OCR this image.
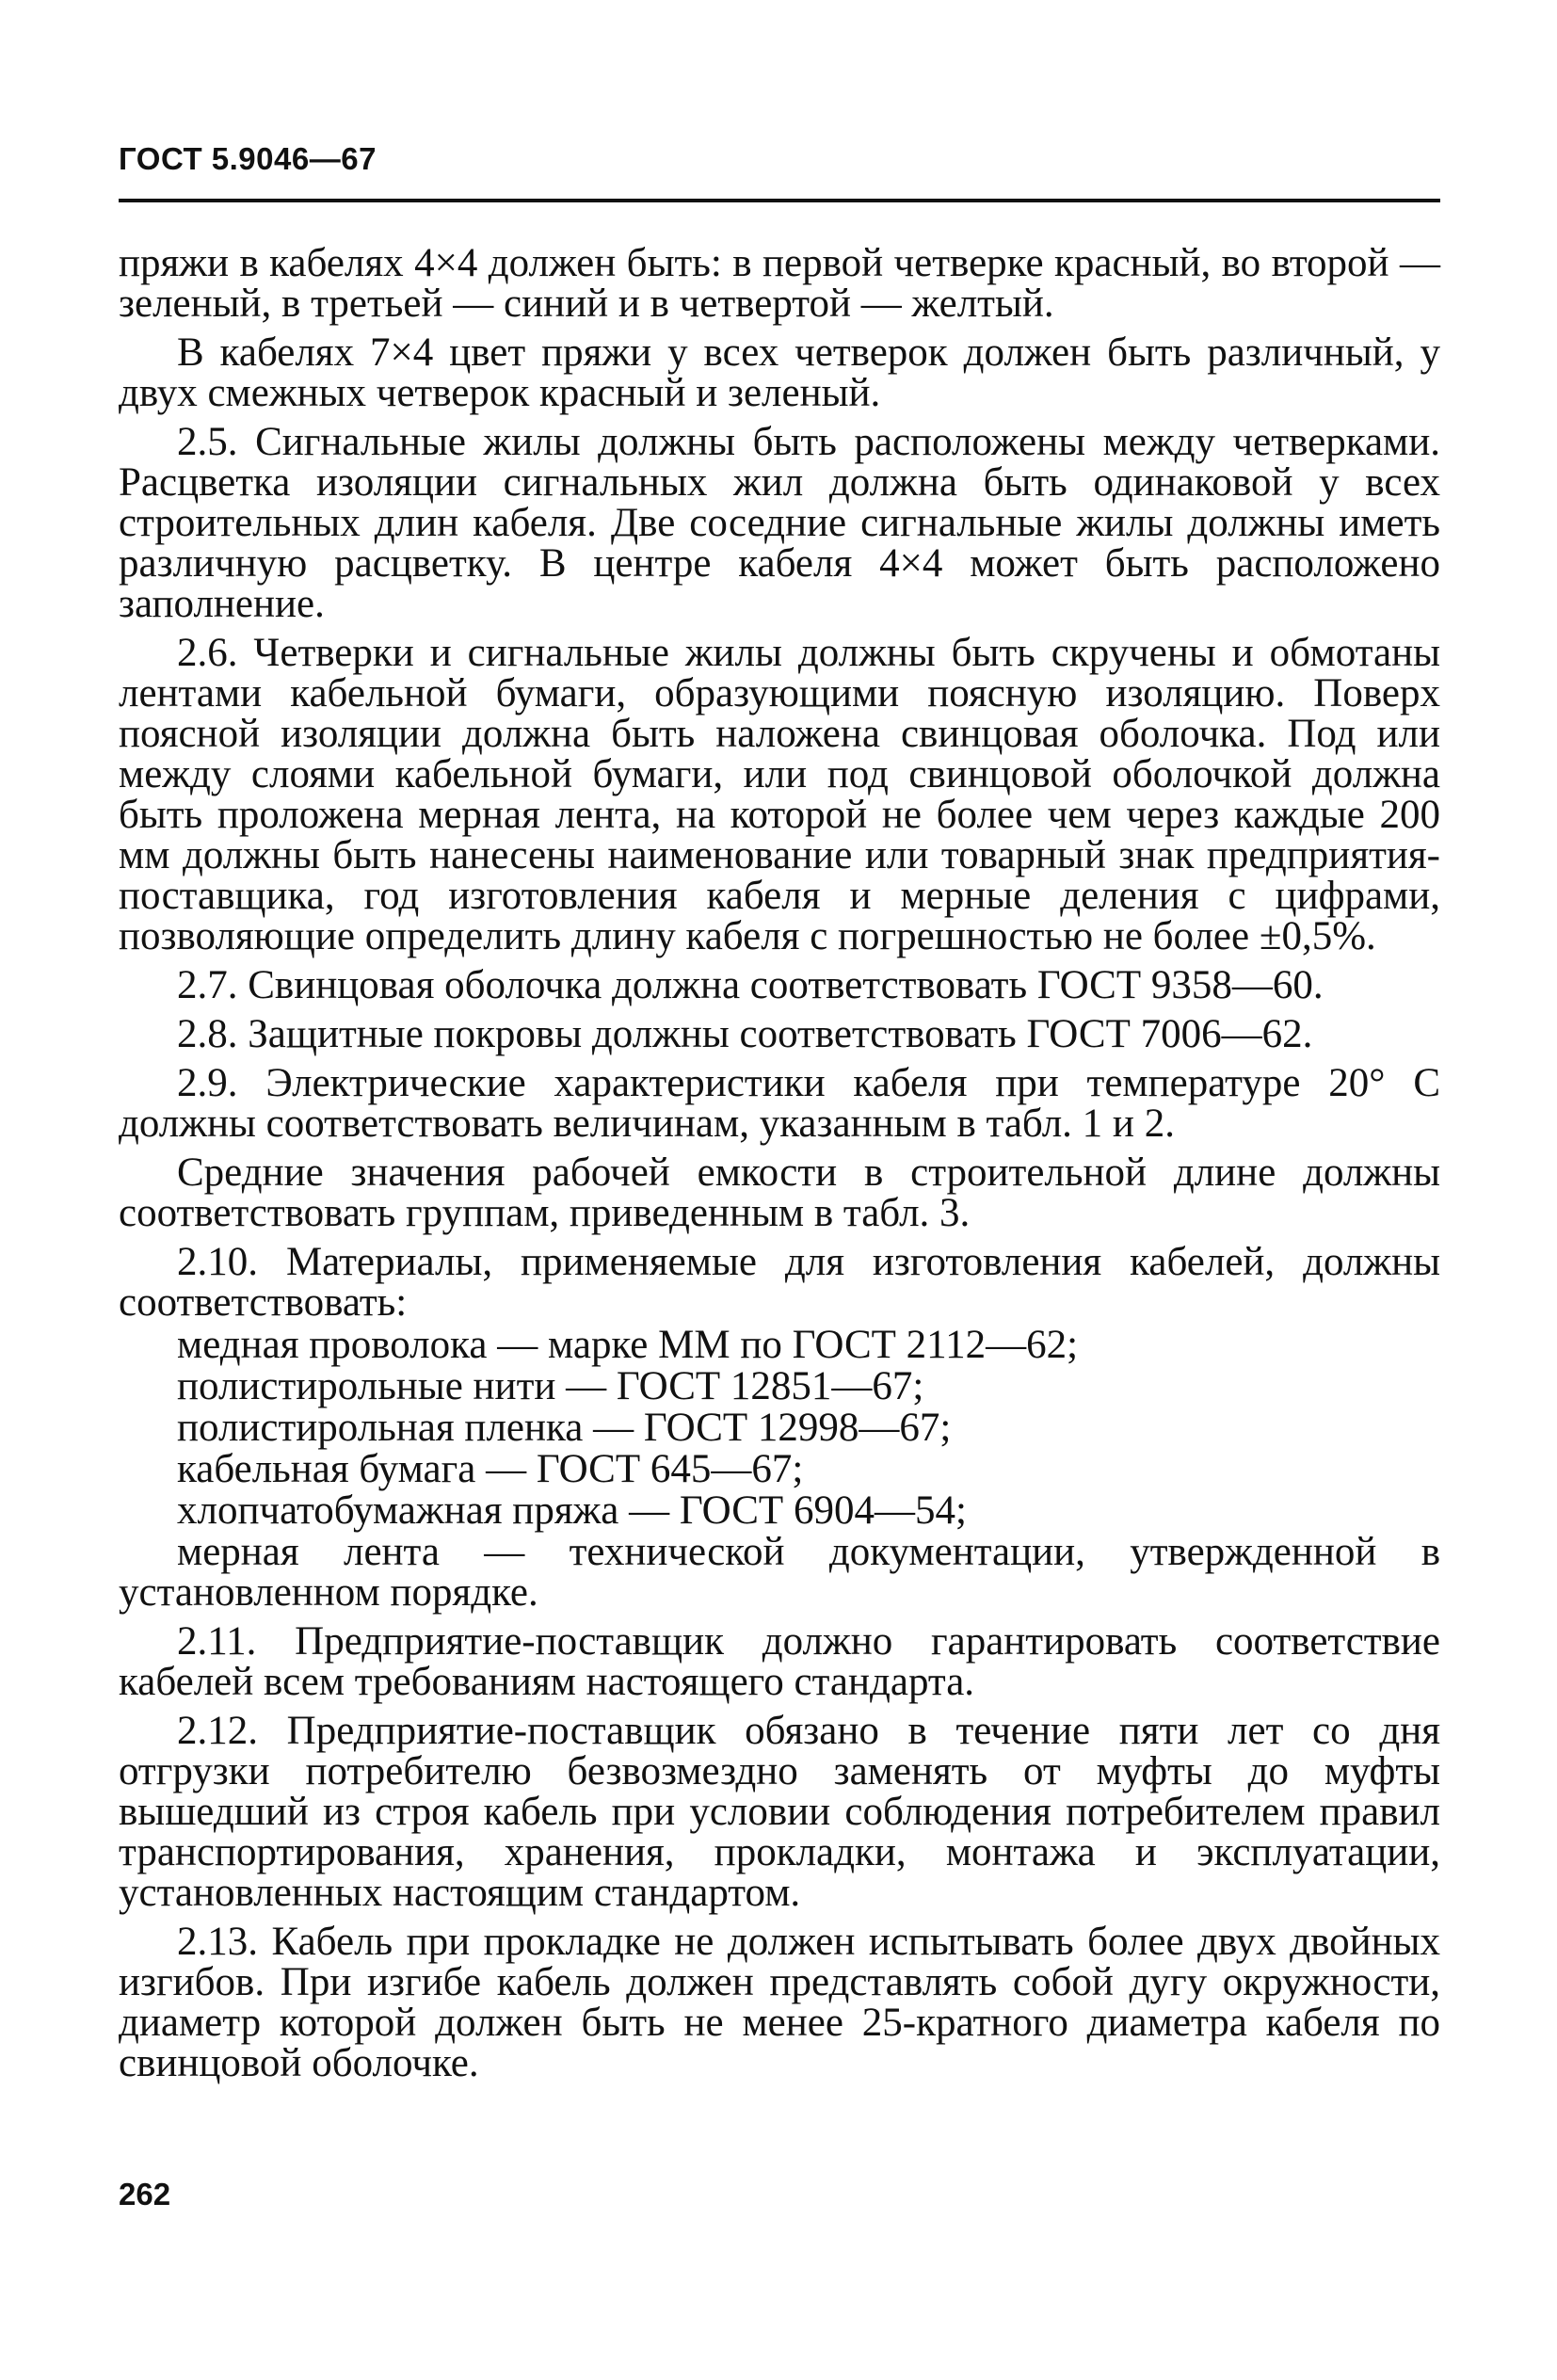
ГОСТ 5.9046—67

пряжи в кабелях 4×4 должен быть: в первой четверке красный, во второй — зеленый, в третьей — синий и в четвертой — желтый.

В кабелях 7×4 цвет пряжи у всех четверок должен быть различный, у двух смежных четверок красный и зеленый.

2.5. Сигнальные жилы должны быть расположены между четверками. Расцветка изоляции сигнальных жил должна быть одинаковой у всех строительных длин кабеля. Две соседние сигнальные жилы должны иметь различную расцветку. В центре кабеля 4×4 может быть расположено заполнение.

2.6. Четверки и сигнальные жилы должны быть скручены и обмотаны лентами кабельной бумаги, образующими поясную изоляцию. Поверх поясной изоляции должна быть наложена свинцовая оболочка. Под или между слоями кабельной бумаги, или под свинцовой оболочкой должна быть проложена мерная лента, на которой не более чем через каждые 200 мм должны быть нанесены наименование или товарный знак предприятия-поставщика, год изготовления кабеля и мерные деления с цифрами, позволяющие определить длину кабеля с погрешностью не более ±0,5%.

2.7. Свинцовая оболочка должна соответствовать ГОСТ 9358—60.

2.8. Защитные покровы должны соответствовать ГОСТ 7006—62.

2.9. Электрические характеристики кабеля при температуре 20° С должны соответствовать величинам, указанным в табл. 1 и 2.

Средние значения рабочей емкости в строительной длине должны соответствовать группам, приведенным в табл. 3.

2.10. Материалы, применяемые для изготовления кабелей, должны соответствовать:

медная проволока — марке ММ по ГОСТ 2112—62;
полистирольные нити — ГОСТ 12851—67;
полистирольная пленка — ГОСТ 12998—67;
кабельная бумага — ГОСТ 645—67;
хлопчатобумажная пряжа — ГОСТ 6904—54;

мерная лента — технической документации, утвержденной в установленном порядке.

2.11. Предприятие-поставщик должно гарантировать соответствие кабелей всем требованиям настоящего стандарта.

2.12. Предприятие-поставщик обязано в течение пяти лет со дня отгрузки потребителю безвозмездно заменять от муфты до муфты вышедший из строя кабель при условии соблюдения потребителем правил транспортирования, хранения, прокладки, монтажа и эксплуатации, установленных настоящим стандартом.

2.13. Кабель при прокладке не должен испытывать более двух двойных изгибов. При изгибе кабель должен представлять собой дугу окружности, диаметр которой должен быть не менее 25-кратного диаметра кабеля по свинцовой оболочке.

262
